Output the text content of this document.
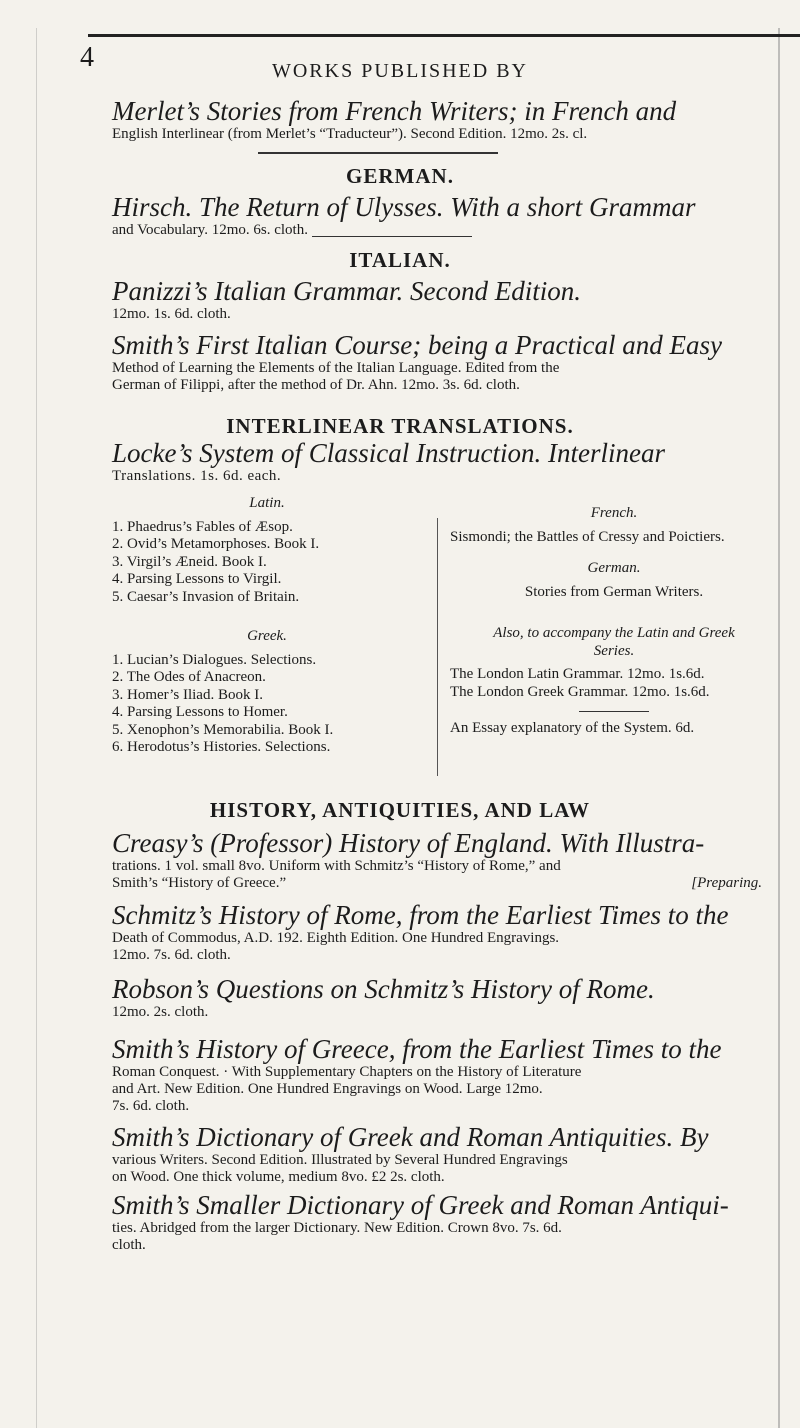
4	WORKS PUBLISHED BY
Merlet’s Stories from French Writers; in French and
English Interlinear (from Merlet’s “Traducteur”). Second Edition. 12mo. 2s. cl.
GERMAN.
Hirsch. The Return of Ulysses. With a short Grammar
and Vocabulary. 12mo. 6s. cloth.
ITALIAN.
Panizzi’s Italian Grammar. Second Edition.
12mo. 1s. 6d. cloth.
Smith’s First Italian Course; being a Practical and Easy
Method of Learning the Elements of the Italian Language. Edited from the
German of Filippi, after the method of Dr. Ahn. 12mo. 3s. 6d. cloth.
INTERLINEAR TRANSLATIONS.
Locke’s System of Classical Instruction. Interlinear
Translations. 1s. 6d. each.
Latin.
1. Phaedrus’s Fables of Æsop.
2. Ovid’s Metamorphoses. Book I.
3. Virgil’s Æneid. Book I.
4. Parsing Lessons to Virgil.
5. Caesar’s Invasion of Britain.
Greek.
1. Lucian’s Dialogues. Selections.
2. The Odes of Anacreon.
3. Homer’s Iliad. Book I.
4. Parsing Lessons to Homer.
5. Xenophon’s Memorabilia. Book I.
6. Herodotus’s Histories. Selections.
French.
Sismondi; the Battles of Cressy and Poictiers.
German.
Stories from German Writers.
Also, to accompany the Latin and Greek
Series.
The London Latin Grammar. 12mo. 1s.6d.
The London Greek Grammar. 12mo. 1s.6d.
An Essay explanatory of the System. 6d.
HISTORY, ANTIQUITIES, AND LAW
Creasy’s (Professor) History of England. With Illustra-
trations. 1 vol. small 8vo. Uniform with Schmitz’s “History of Rome,” and
Smith’s “History of Greece.”	[Preparing.
Schmitz’s History of Rome, from the Earliest Times to the
Death of Commodus, A.D. 192. Eighth Edition. One Hundred Engravings.
12mo. 7s. 6d. cloth.
Robson’s Questions on Schmitz’s History of Rome.
12mo. 2s. cloth.
Smith’s History of Greece, from the Earliest Times to the
Roman Conquest. · With Supplementary Chapters on the History of Literature
and Art. New Edition. One Hundred Engravings on Wood. Large 12mo.
7s. 6d. cloth.
Smith’s Dictionary of Greek and Roman Antiquities. By
various Writers. Second Edition. Illustrated by Several Hundred Engravings
on Wood. One thick volume, medium 8vo. £2 2s. cloth.
Smith’s Smaller Dictionary of Greek and Roman Antiqui-
ties. Abridged from the larger Dictionary. New Edition. Crown 8vo. 7s. 6d.
cloth.
